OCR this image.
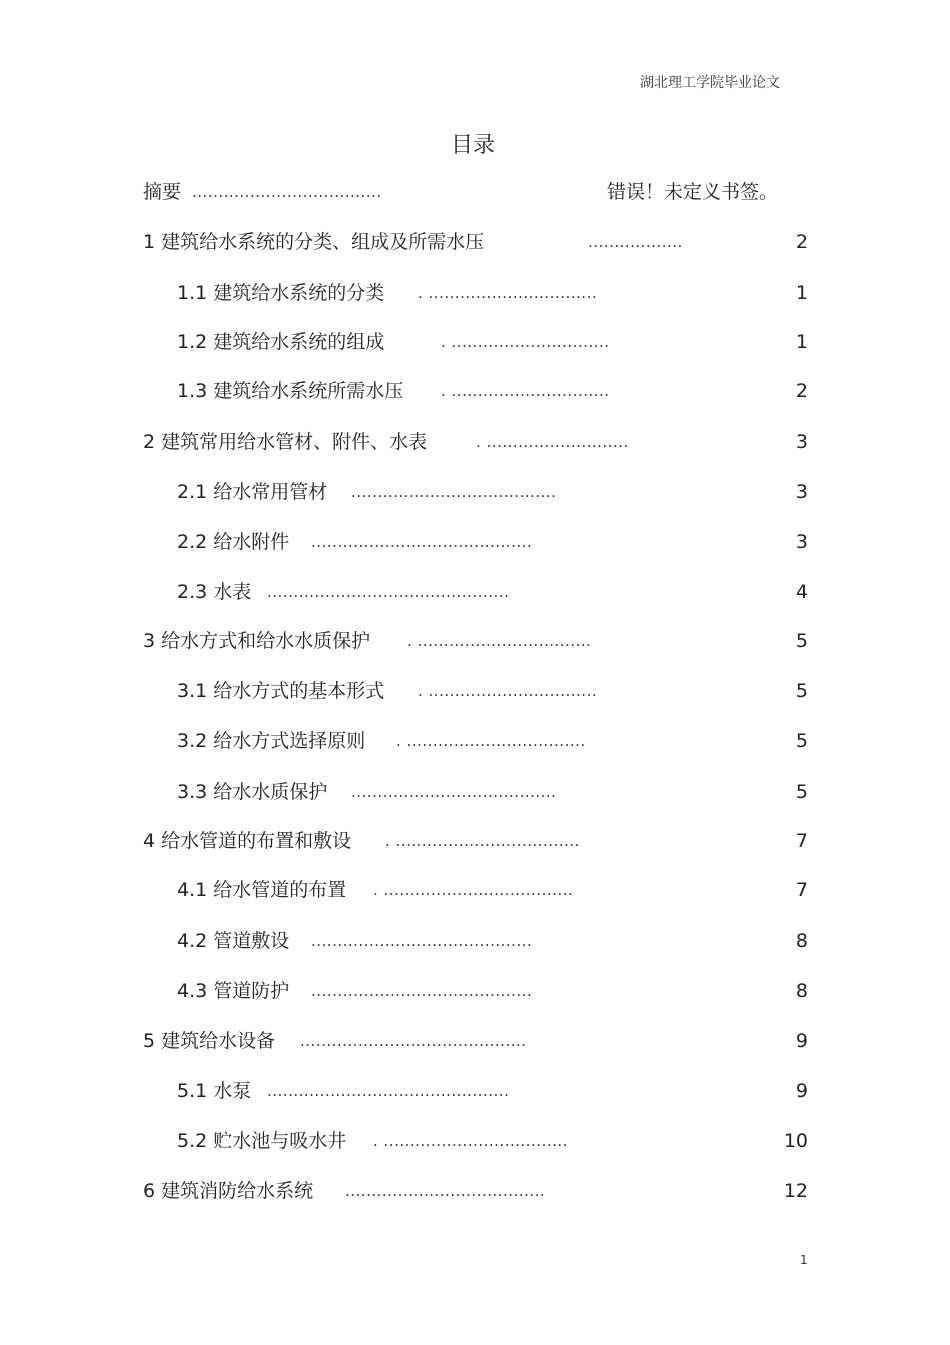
湖北理工学院毕业论文
目录
摘要 ....................................	错误！未定义书签。
1 建筑给水系统的分类、组成及所需水压	..................	2
1.1 建筑给水系统的分类 . ................................	1
1.2 建筑给水系统的组成	. ..............................	1
1.3 建筑给水系统所需水压	. ..............................	2
2 建筑常用给水管材、附件、水表	. ...........................	3
2.1 给水常用管材 .......................................	3
2.2 给水附件 ..........................................	3
2.3 水表 ..............................................	4
3 给水方式和给水水质保护 . .................................	5
3.1 给水方式的基本形式 . ................................	5
3.2 给水方式选择原则 . ..................................	5
3.3 给水水质保护 .......................................	5
4 给水管道的布置和敷设 . ...................................	7
4.1 给水管道的布置 . ....................................	7
4.2 管道敷设 ..........................................	8
4.3 管道防护 ..........................................	8
5 建筑给水设备 ...........................................	9
5.1 水泵 ..............................................	9
5.2 贮水池与吸水井 . ...................................	10
6 建筑消防给水系统 ......................................	12
1
